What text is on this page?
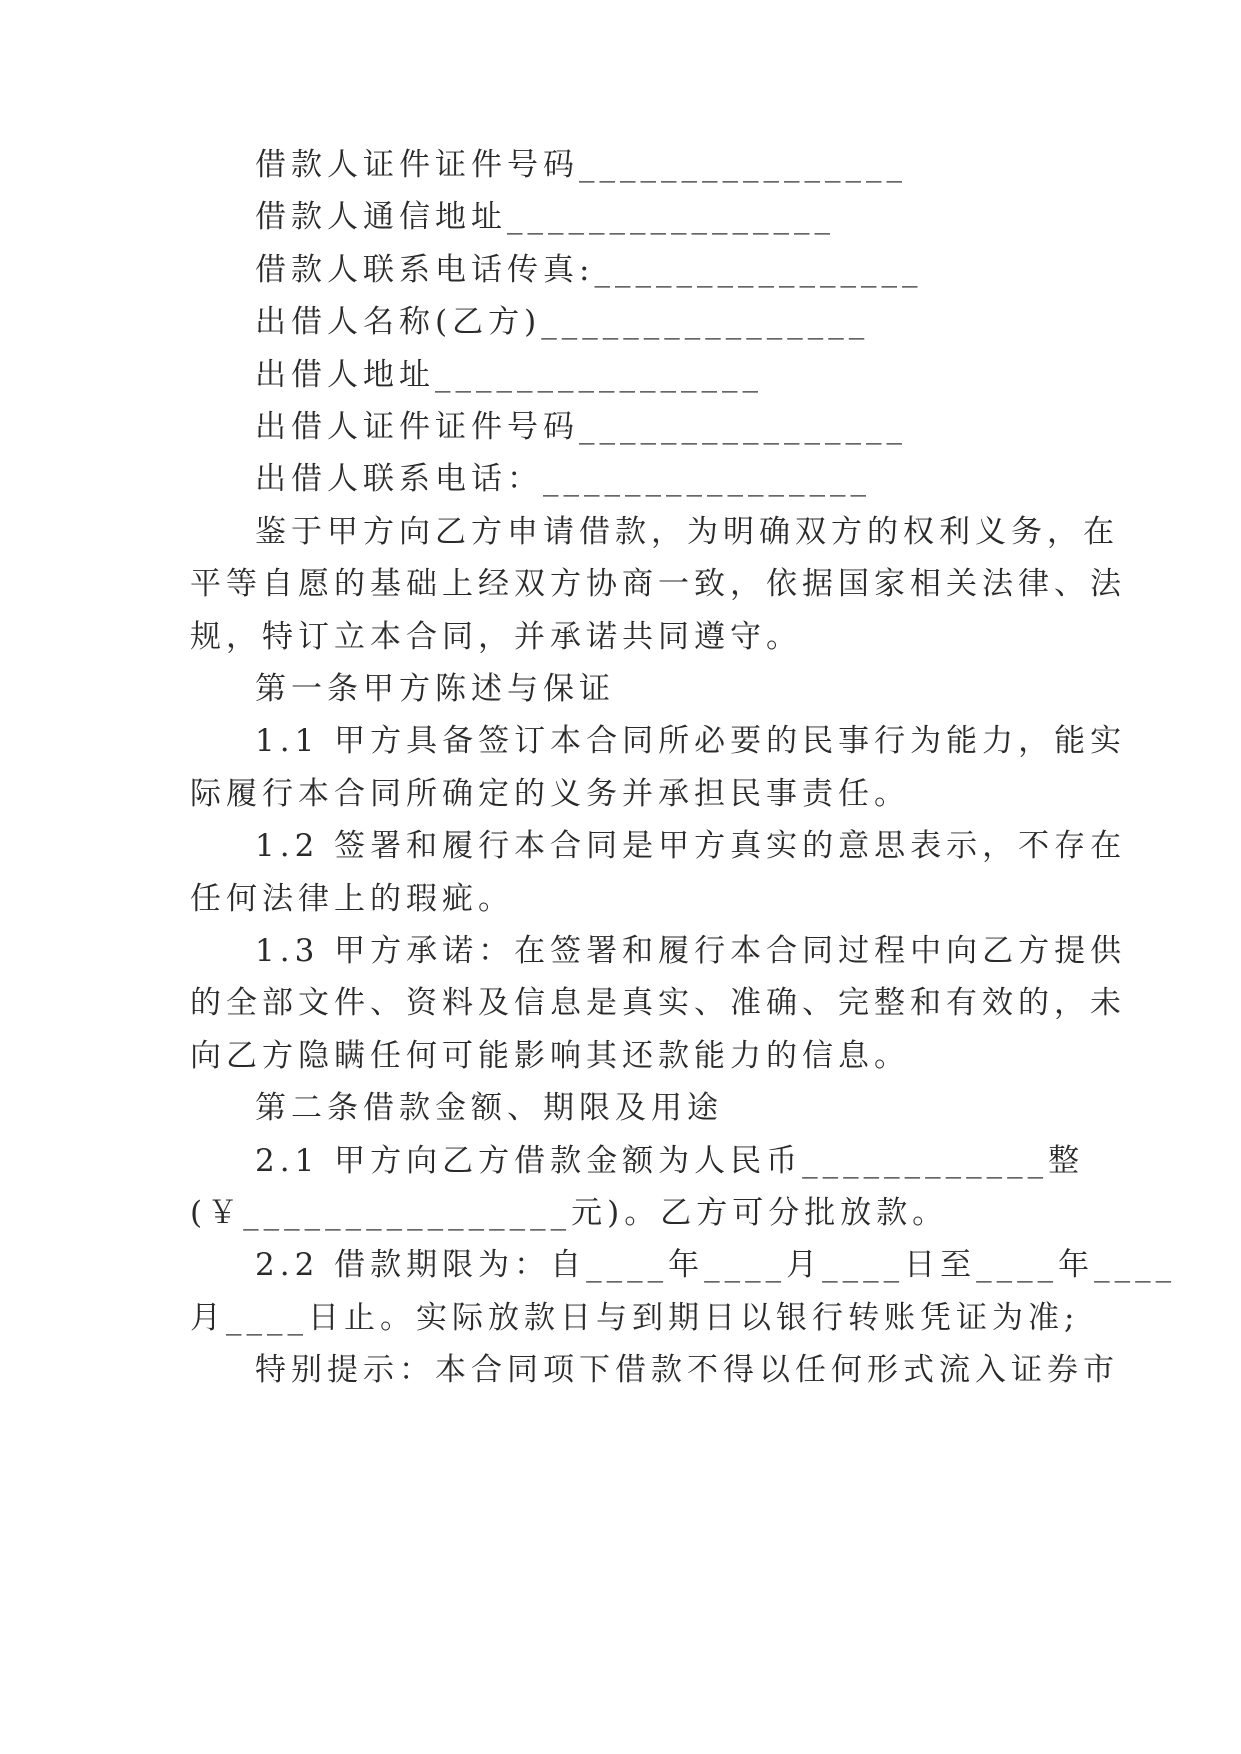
借款人证件证件号码________________
借款人通信地址________________
借款人联系电话传真:________________
出借人名称(乙方)________________
出借人地址________________
出借人证件证件号码________________
出借人联系电话：________________
鉴于甲方向乙方申请借款，为明确双方的权利义务，在
平等自愿的基础上经双方协商一致，依据国家相关法律、法
规，特订立本合同，并承诺共同遵守。
第一条甲方陈述与保证
1.1 甲方具备签订本合同所必要的民事行为能力，能实
际履行本合同所确定的义务并承担民事责任。
1.2 签署和履行本合同是甲方真实的意思表示，不存在
任何法律上的瑕疵。
1.3 甲方承诺：在签署和履行本合同过程中向乙方提供
的全部文件、资料及信息是真实、准确、完整和有效的，未
向乙方隐瞒任何可能影响其还款能力的信息。
第二条借款金额、期限及用途
2.1 甲方向乙方借款金额为人民币____________整
(￥________________元)。乙方可分批放款。
2.2 借款期限为：自____年____月____日至____年____
月____日止。实际放款日与到期日以银行转账凭证为准;
特别提示：本合同项下借款不得以任何形式流入证券市
